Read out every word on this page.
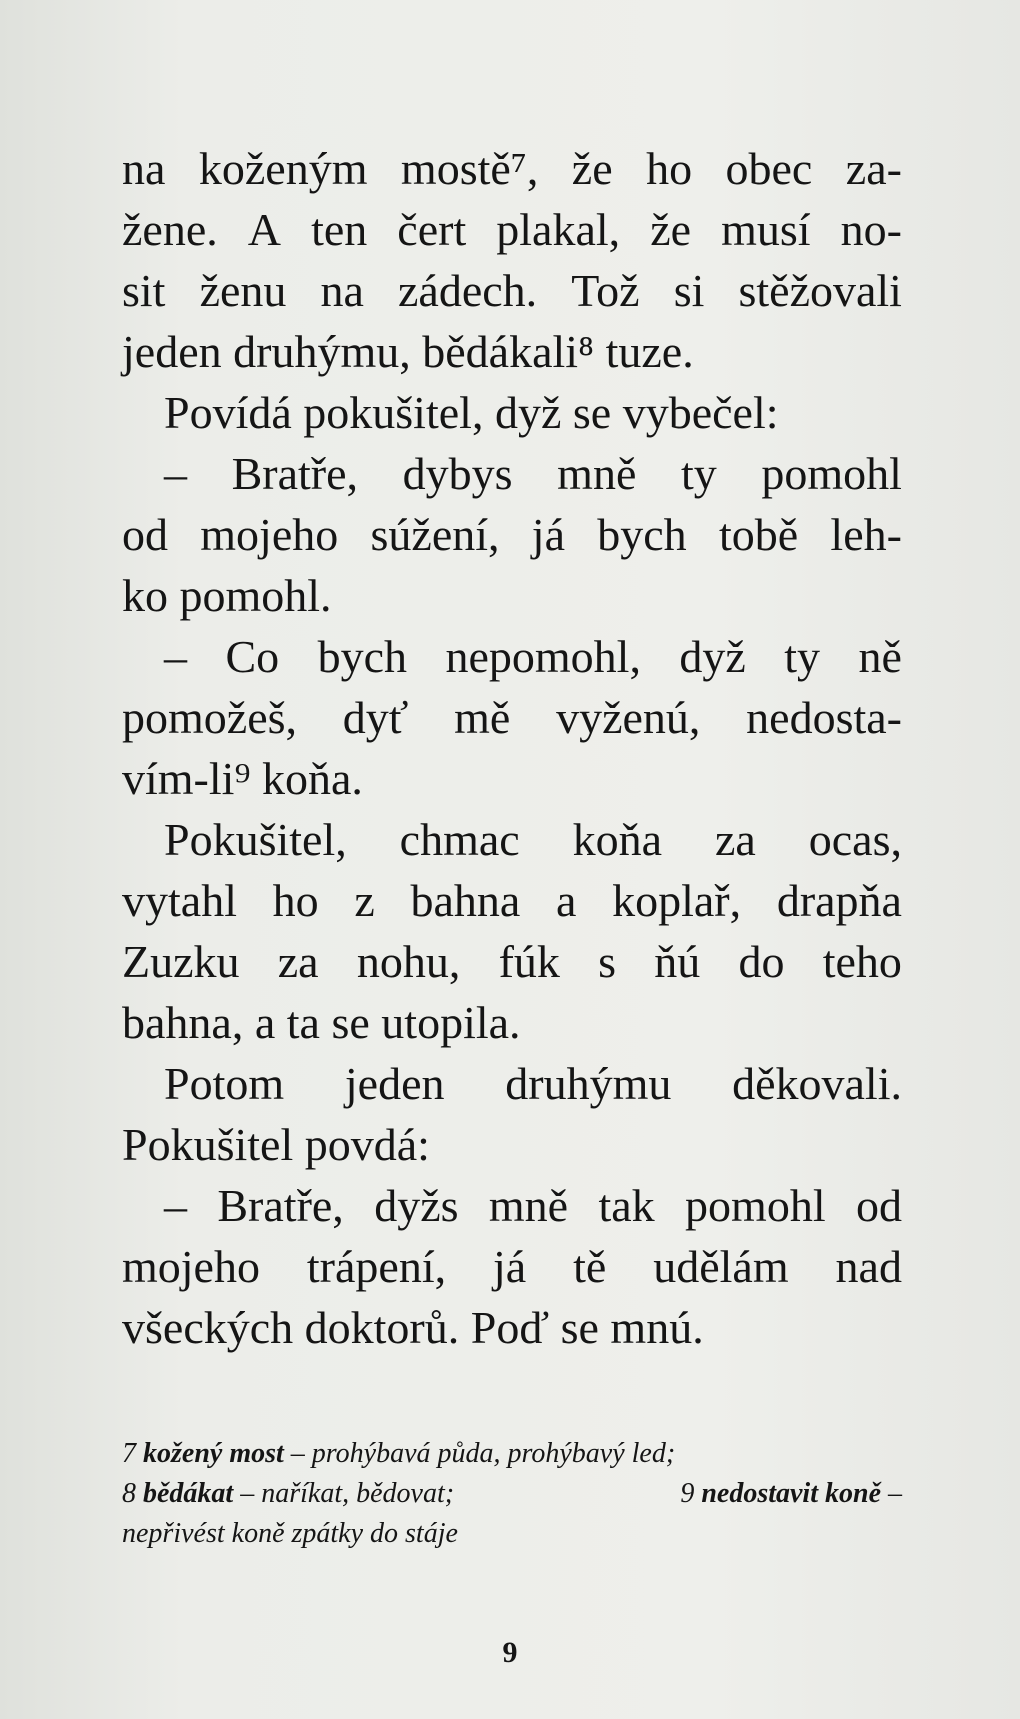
na koženým mostě⁷, že ho obec za-
žene. A ten čert plakal, že musí no-
sit ženu na zádech. Tož si stěžovali
jeden
druhýmu,
bědákali⁸
tuze.
Povídá
pokušitel,
dyž
se
vybečel:
– Bratře, dybys mně ty pomohl
od mojeho súžení, já bych tobě leh-
ko
pomohl.
– Co bych nepomohl, dyž ty ně
pomožeš, dyť mě vyženú, nedosta-
vím-li⁹
koňa.
Pokušitel, chmac koňa za ocas,
vytahl ho z bahna a koplař, drapňa
Zuzku za nohu, fúk s ňú do teho
bahna,
a
ta
se
utopila.
Potom jeden druhýmu děkovali.
Pokušitel
povdá:
– Bratře, dyžs mně tak pomohl od
mojeho trápení, já tě udělám nad
všeckých
doktorů.
Poď
se
mnú.
7 kožený most – prohýbavá půda, prohýbavý led;
8 bědákat – naříkat, bědovat;	9 nedostavit koně –
nepřivést koně zpátky do stáje
9
